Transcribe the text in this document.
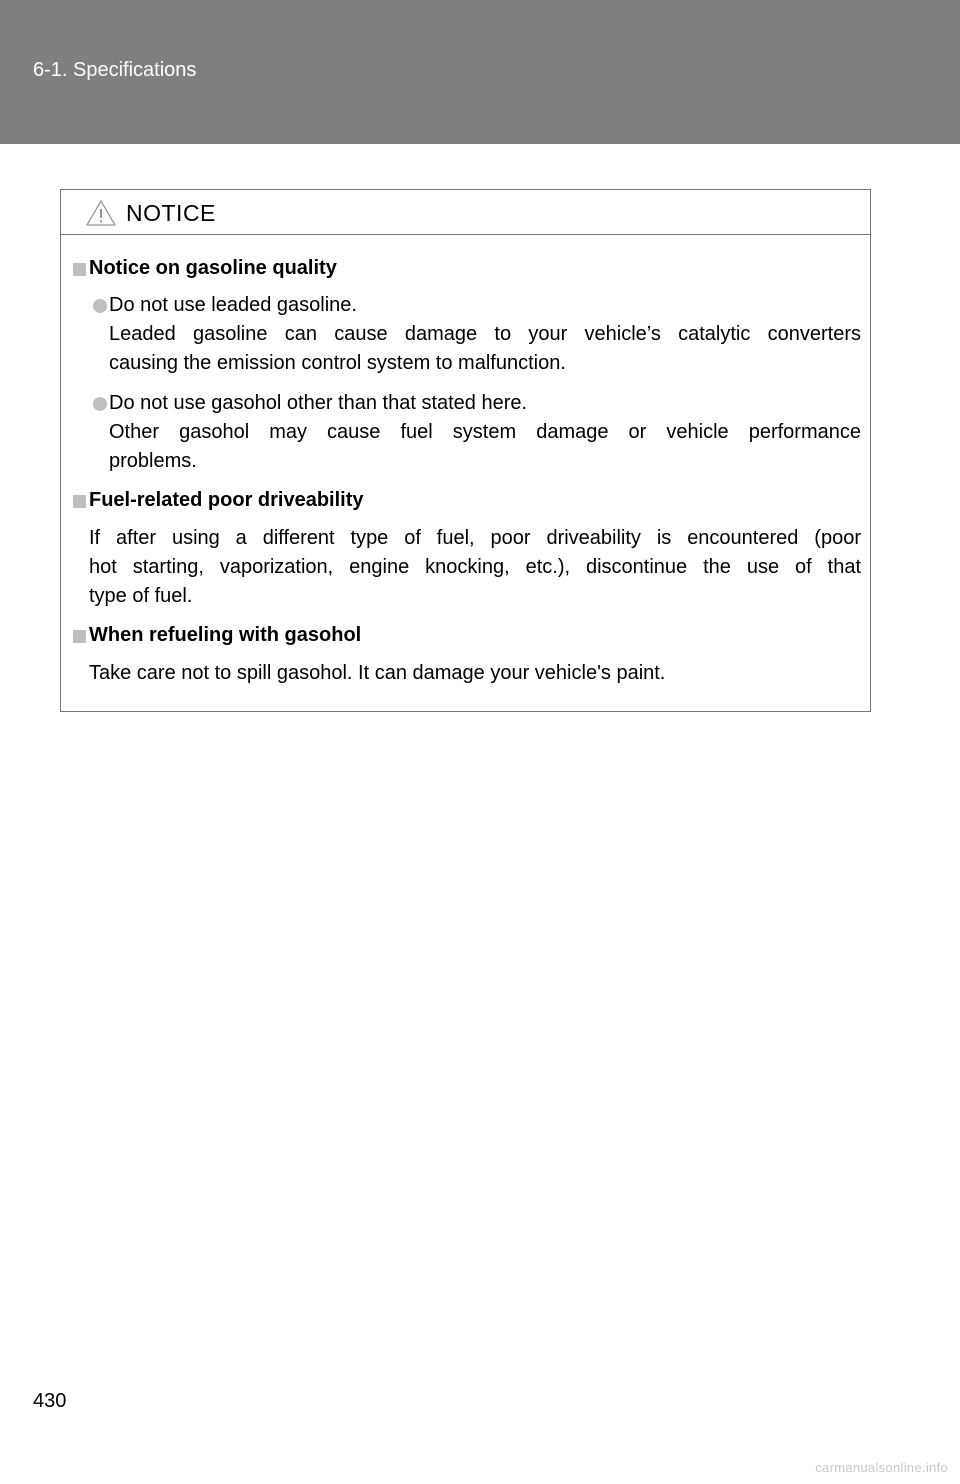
6-1. Specifications
NOTICE
Notice on gasoline quality
Do not use leaded gasoline.
Leaded gasoline can cause damage to your vehicle’s catalytic converters
causing the emission control system to malfunction.
Do not use gasohol other than that stated here.
Other gasohol may cause fuel system damage or vehicle performance
problems.
Fuel-related poor driveability
If after using a different type of fuel, poor driveability is encountered (poor
hot starting, vaporization, engine knocking, etc.), discontinue the use of that
type of fuel.
When refueling with gasohol
Take care not to spill gasohol. It can damage your vehicle's paint.
430
carmanualsonline.info
